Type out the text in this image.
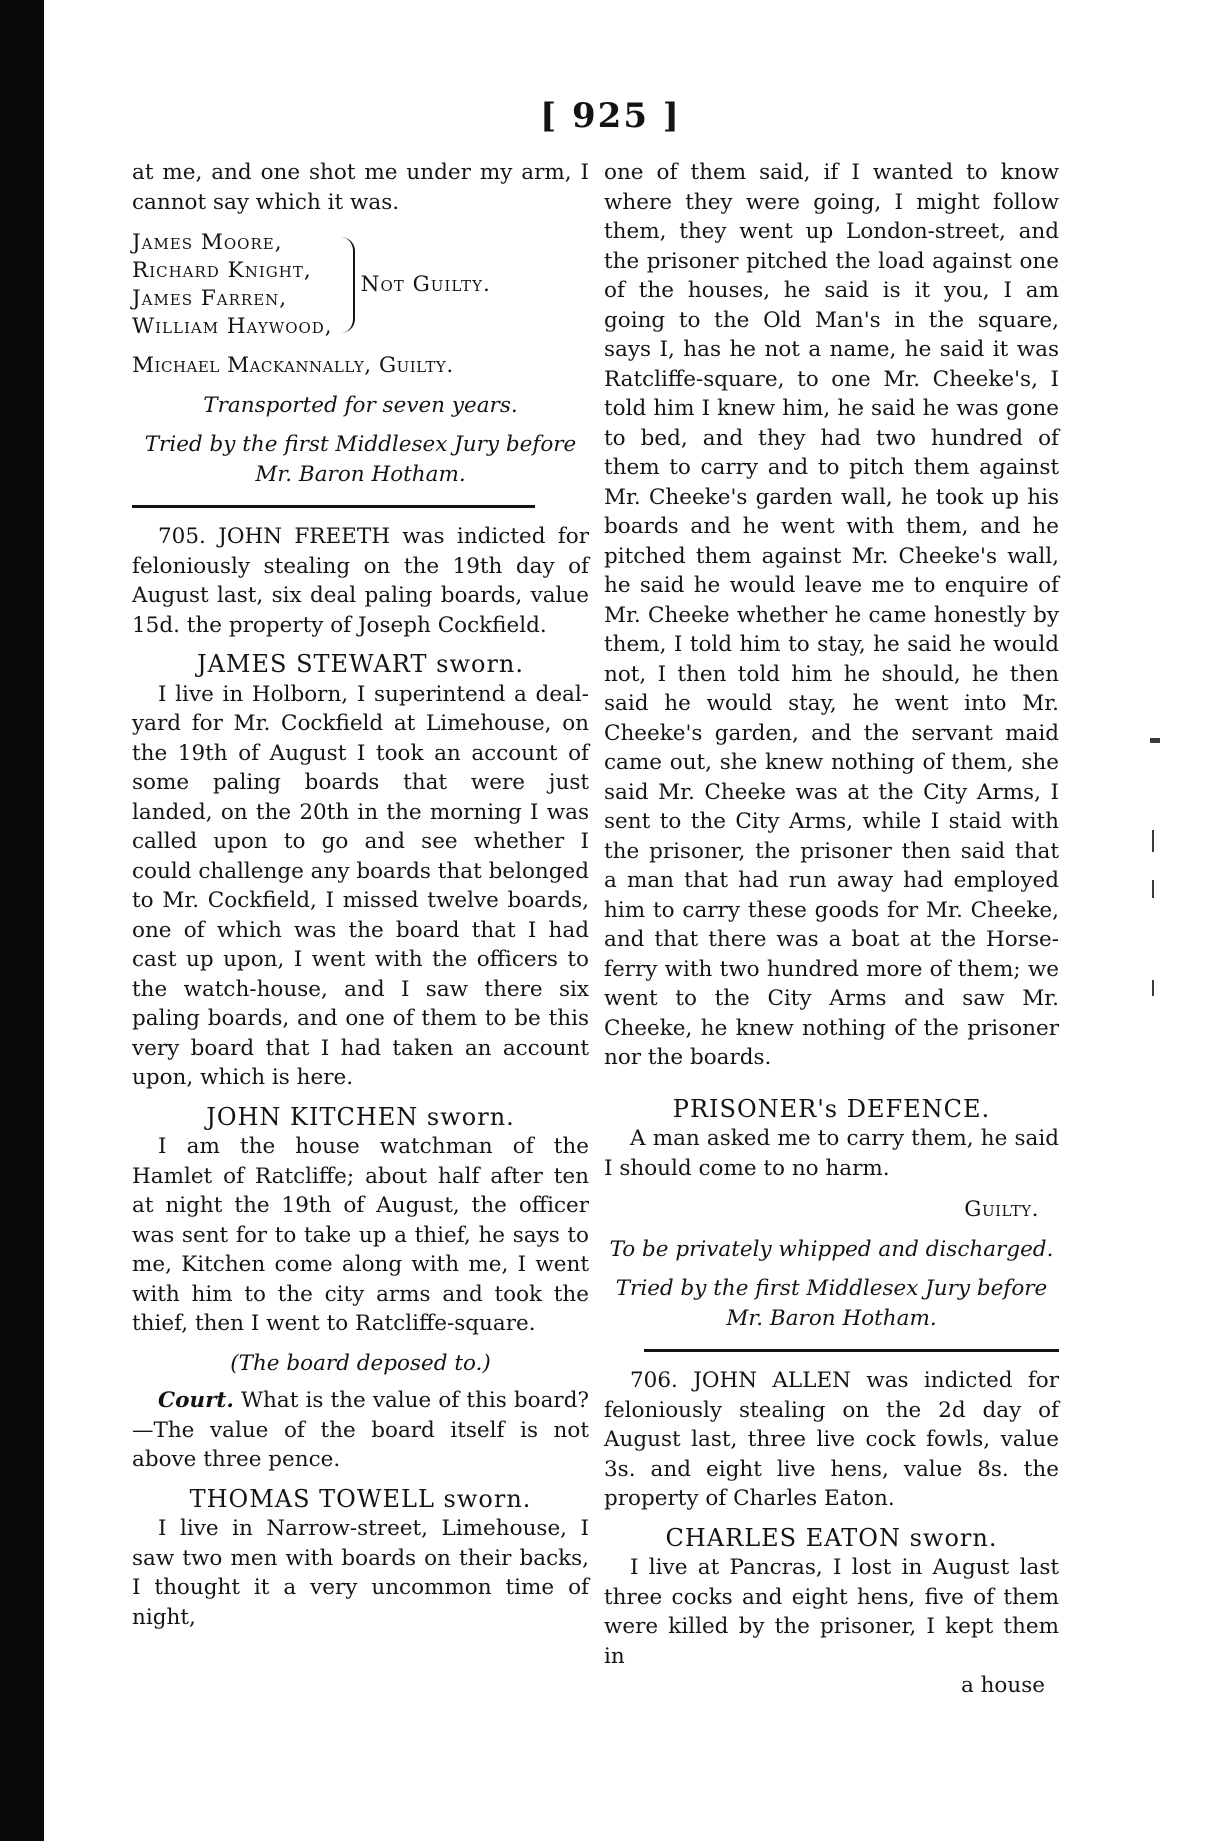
[ 925 ]

at me, and one shot me under my arm, I cannot say which it was.

James Moore,
Richard Knight,
James Farren,
William Haywood,
Not Guilty.

Michael Mackannally, Guilty.

Transported for seven years.

Tried by the first Middlesex Jury before Mr. Baron Hotham.

705. JOHN FREETH was indicted for feloniously stealing on the 19th day of August last, six deal paling boards, value 15d. the property of Joseph Cockfield.

JAMES STEWART sworn.

I live in Holborn, I superintend a deal-yard for Mr. Cockfield at Limehouse, on the 19th of August I took an account of some paling boards that were just landed, on the 20th in the morning I was called upon to go and see whether I could challenge any boards that belonged to Mr. Cockfield, I missed twelve boards, one of which was the board that I had cast up upon, I went with the officers to the watch-house, and I saw there six paling boards, and one of them to be this very board that I had taken an account upon, which is here.

JOHN KITCHEN sworn.

I am the house watchman of the Hamlet of Ratcliffe; about half after ten at night the 19th of August, the officer was sent for to take up a thief, he says to me, Kitchen come along with me, I went with him to the city arms and took the thief, then I went to Ratcliffe-square.

(The board deposed to.)

Court. What is the value of this board? —The value of the board itself is not above three pence.

THOMAS TOWELL sworn.

I live in Narrow-street, Limehouse, I saw two men with boards on their backs, I thought it a very uncommon time of night,

one of them said, if I wanted to know where they were going, I might follow them, they went up London-street, and the prisoner pitched the load against one of the houses, he said is it you, I am going to the Old Man's in the square, says I, has he not a name, he said it was Ratcliffe-square, to one Mr. Cheeke's, I told him I knew him, he said he was gone to bed, and they had two hundred of them to carry and to pitch them against Mr. Cheeke's garden wall, he took up his boards and he went with them, and he pitched them against Mr. Cheeke's wall, he said he would leave me to enquire of Mr. Cheeke whether he came honestly by them, I told him to stay, he said he would not, I then told him he should, he then said he would stay, he went into Mr. Cheeke's garden, and the servant maid came out, she knew nothing of them, she said Mr. Cheeke was at the City Arms, I sent to the City Arms, while I staid with the prisoner, the prisoner then said that a man that had run away had employed him to carry these goods for Mr. Cheeke, and that there was a boat at the Horse-ferry with two hundred more of them; we went to the City Arms and saw Mr. Cheeke, he knew nothing of the prisoner nor the boards.

PRISONER's DEFENCE.

A man asked me to carry them, he said I should come to no harm.

Guilty.

To be privately whipped and discharged.

Tried by the first Middlesex Jury before Mr. Baron Hotham.

706. JOHN ALLEN was indicted for feloniously stealing on the 2d day of August last, three live cock fowls, value 3s. and eight live hens, value 8s. the property of Charles Eaton.

CHARLES EATON sworn.

I live at Pancras, I lost in August last three cocks and eight hens, five of them were killed by the prisoner, I kept them in

a house
